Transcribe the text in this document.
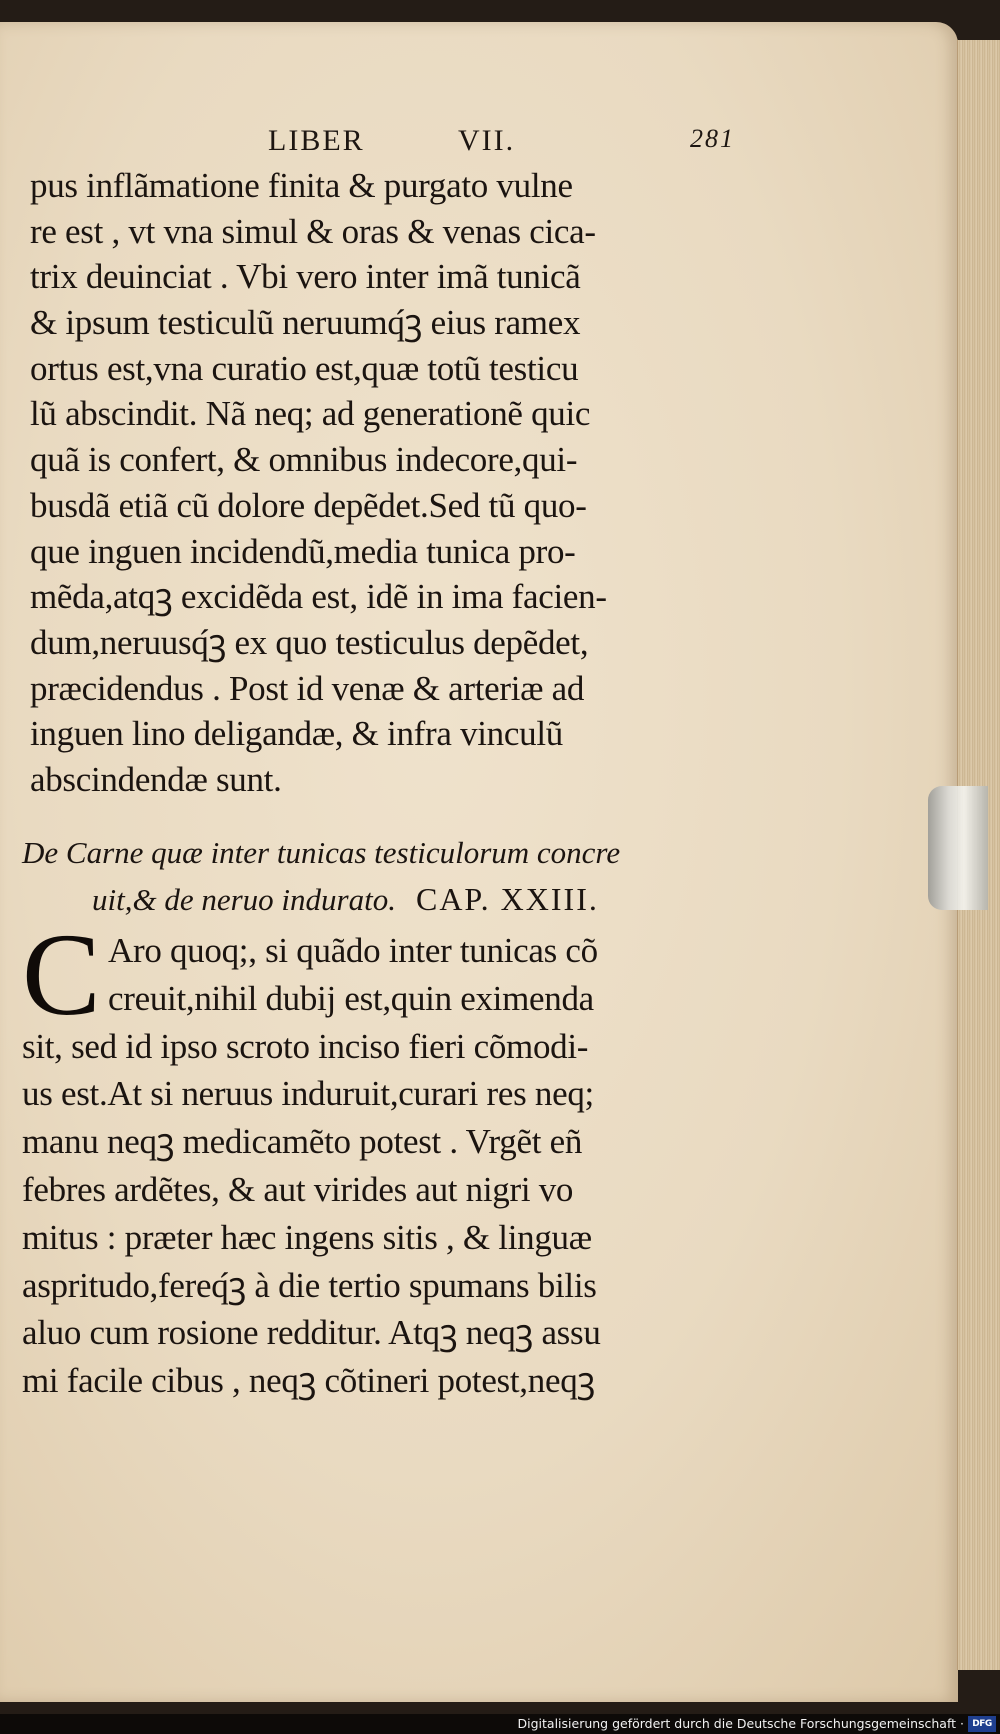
LIBER	VII.	281
pus inflãmatione finita & purgato vulne
re est , vt vna simul & oras & venas cica-
trix deuinciat . Vbi vero inter imã tunicã
& ipsum testiculũ neruumq́ꝫ eius ramex
ortus est,vna curatio est,quæ totũ testicu
lũ abscindit. Nã neq; ad generationẽ quic
quã is confert, & omnibus indecore,qui-
busdã etiã cũ dolore depẽdet.Sed tũ quo-
que inguen incidendũ,media tunica pro-
mẽda,atqꝫ excidẽda est, idẽ in ima facien-
dum,neruusq́ꝫ ex quo testiculus depẽdet,
præcidendus . Post id venæ & arteriæ ad
inguen lino deligandæ, & infra vinculũ
abscindendæ sunt.
De Carne quæ inter tunicas testiculorum concre
uit,& de neruo indurato. CAP. XXIII.
C Aro quoq;, si quãdo inter tunicas cõ
creuit,nihil dubij est,quin eximenda
sit, sed id ipso scroto inciso fieri cõmodi-
us est.At si neruus induruit,curari res neq;
manu neqꝫ medicamẽto potest . Vrgẽt eñ
febres ardẽtes, & aut virides aut nigri vo
mitus : præter hæc ingens sitis , & linguæ
aspritudo,fereq́ꝫ à die tertio spumans bilis
aluo cum rosione redditur. Atqꝫ neqꝫ assu
mi facile cibus , neqꝫ cõtineri potest,neqꝫ
Digitalisierung gefördert durch die Deutsche Forschungsgemeinschaft · DFG
